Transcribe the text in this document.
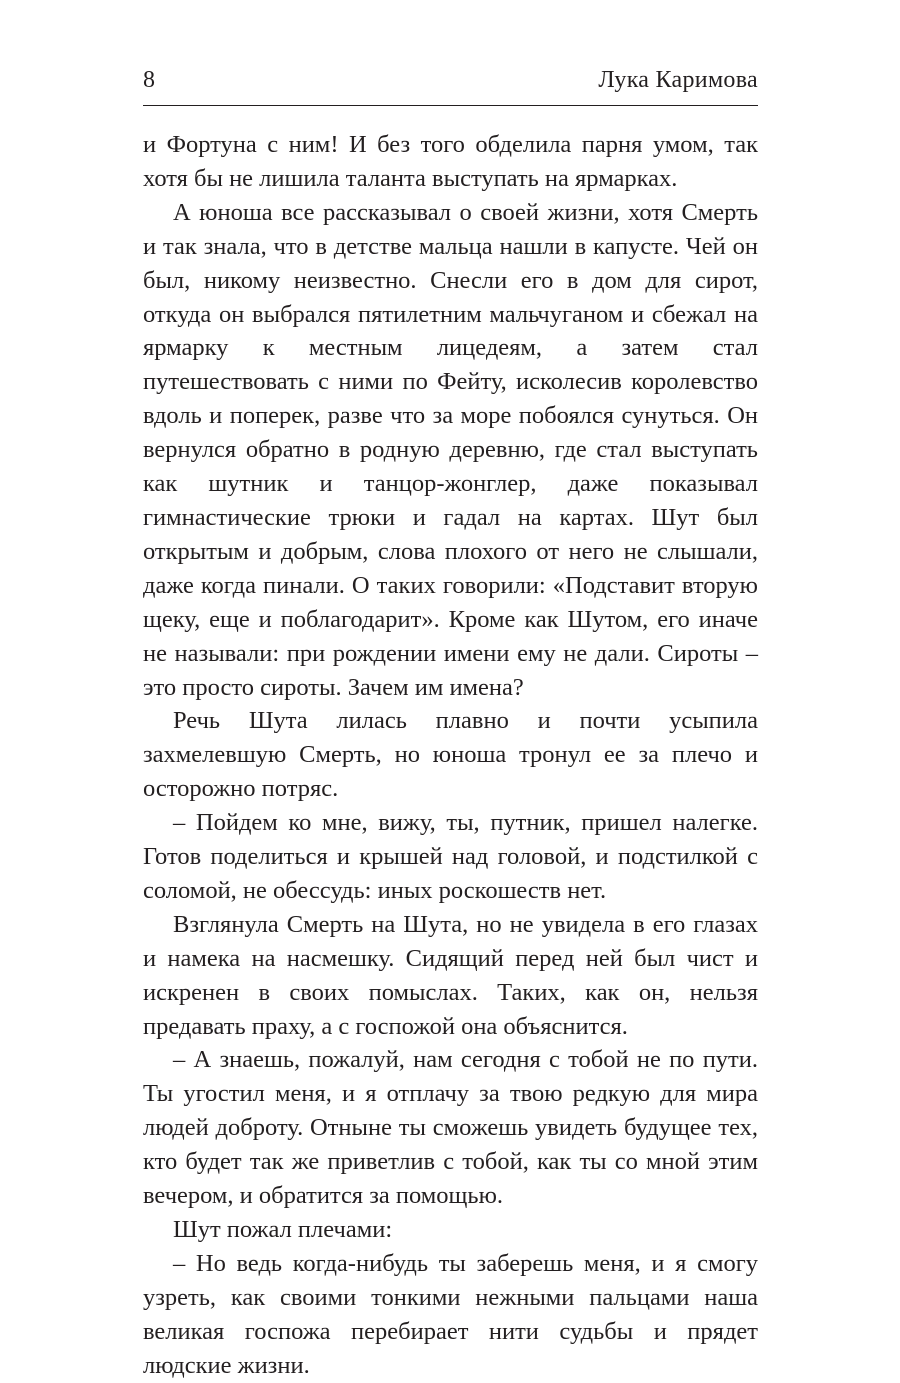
8	Лука Каримова

и Фортуна с ним! И без того обделила парня умом, так хотя бы не лишила таланта выступать на ярмарках.

А юноша все рассказывал о своей жизни, хотя Смерть и так знала, что в детстве мальца нашли в капусте. Чей он был, никому неизвестно. Снесли его в дом для сирот, откуда он выбрался пятилетним мальчуганом и сбежал на ярмарку к местным лицедеям, а затем стал путешествовать с ними по Фейту, исколесив королевство вдоль и поперек, разве что за море побоялся сунуться. Он вернулся обратно в родную деревню, где стал выступать как шутник и танцор-жонглер, даже показывал гимнастические трюки и гадал на картах. Шут был открытым и добрым, слова плохого от него не слышали, даже когда пинали. О таких говорили: «Подставит вторую щеку, еще и поблагодарит». Кроме как Шутом, его иначе не называли: при рождении имени ему не дали. Сироты – это просто сироты. Зачем им имена?

Речь Шута лилась плавно и почти усыпила захмелевшую Смерть, но юноша тронул ее за плечо и осторожно потряс.

– Пойдем ко мне, вижу, ты, путник, пришел налегке. Готов поделиться и крышей над головой, и подстилкой с соломой, не обессудь: иных роскошеств нет.

Взглянула Смерть на Шута, но не увидела в его глазах и намека на насмешку. Сидящий перед ней был чист и искренен в своих помыслах. Таких, как он, нельзя предавать праху, а с госпожой она объяснится.

– А знаешь, пожалуй, нам сегодня с тобой не по пути. Ты угостил меня, и я отплачу за твою редкую для мира людей доброту. Отныне ты сможешь увидеть будущее тех, кто будет так же приветлив с тобой, как ты со мной этим вечером, и обратится за помощью.

Шут пожал плечами:

– Но ведь когда-нибудь ты заберешь меня, и я смогу узреть, как своими тонкими нежными пальцами наша великая госпожа перебирает нити судьбы и прядет людские жизни.
